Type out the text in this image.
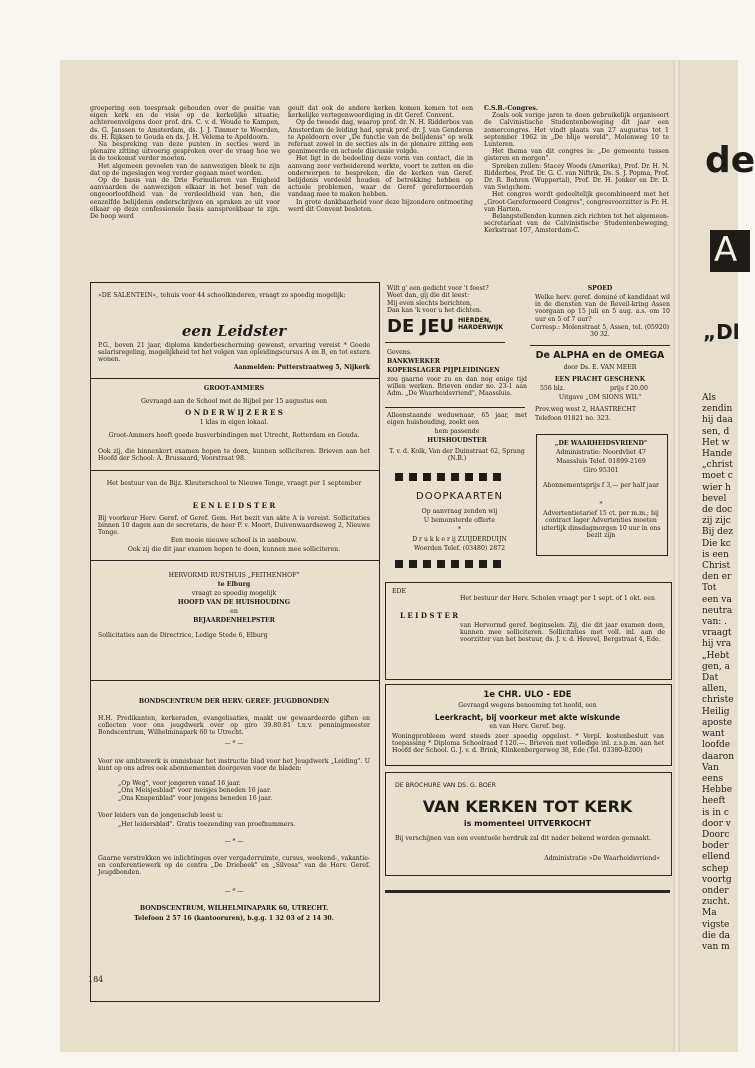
groepering een toespraak gehouden over de positie van eigen kerk en de visie op de kerkelijke situatie; achtereenvolgens door prof. drs. C. v. d. Woude te Kampen, ds. G. Janssen te Amsterdam, ds. J. J. Timmer te Woerden, ds. H. Rijksen te Gouda en ds. J. H. Velema te Apeldoorn.

Na bespreking van deze punten in secties werd in plenaire zitting uitvoerig gesproken over de vraag hoe we in de toekomst verder moeten.

Het algemeen gevoelen van de aanwezigen bleek te zijn dat op de ingeslagen weg verder gegaan moet worden.

Op de basis van de Drie Formulieren van Enigheid aanvaarden de aanwezigen elkaar in het besef van de ongeoorloofdheid van de verdeeldheid van hen, die eenzelfde belijdenis onderschrijven en spraken ze uit voor elkaar op deze confessionele basis aanspreekbaar te zijn. De hoop werd

geuit dat ook de andere kerken komen komen tot een kerkelijke vertegenwoordiging in dit Geref. Convent.

Op de tweede dag, waarop prof. dr. N. H. Ridderbos van Amsterdam de leiding had, sprak prof. dr. J. van Genderen te Apeldoorn over „De functie van de belijdenis" op welk referaat zowel in de secties als in de plenaire zitting een geanimeerde en actuele discussie volgde.

Het ligt in de bedoeling deze vorm van contact, die in aanvang zeer verheiderend werkte, voort te zetten en die onderwerpen te bespreken, die de kerken van Geref. belijdenis verdeeld houden of betrekking hebben op actuele problemen, waar de Geref gereformeerden vandaag mee te maken hebben.

In grote dankbaarheid voor deze bijzondere ontmoeting werd dit Convent besloten.

C.S.B.-Congres.

Zoals ook vorige jaren te doen gebruikelijk organiseert de Calvinistische Studentenbeweging dit jaar een zomercongres. Het vindt plaats van 27 augustus tot 1 september 1962 in „De blije wereld", Molenweg 10 te Lunteren.

Het thema van dit congres is: „De gemeente tussen gisteren en morgen".

Spreken zullen: Stacey Woods (Amerika), Prof. Dr. H. N. Ridderbos, Prof. Dr. G. C. van Niftrik, Ds. S. J. Popma, Prof. Dr. R. Bohren (Wuppertal), Prof. Dr. H. Jonker en Dr. D. van Swigchem.

Het congres wordt gedeeltelijk gecombineerd met het „Groot-Gereformeerd Congres", congresvoorzitter is Fr. H. van Harten.

Belangstellenden kunnen zich richten tot het algemeen-secretariaat van de Calvinistische Studentenbeweging, Kerkstraat 107, Amsterdam-C.

»DE SALENTEIN«, tehuis voor 44 schoolkinderen, vraagt zo spoedig mogelijk:
een Leidster
P.G., boven 21 jaar, diploma kinderbescherming gewenst, ervaring vereist * Goede salarisregeling, mogelijkheid tot het volgen van opleidingscursus A en B, en tot extern wonen.
Aanmelden: Putterstraatweg 5, Nijkerk
GROOT-AMMERS
Gevraagd aan de School met de Bijbel per 15 augustus een
O N D E R W IJ Z E R E S
1 klas in eigen lokaal.
Groot-Ammers heeft goede busverbindingen met Utrecht, Rotterdam en Gouda.
Ook zij, die binnenkort examen hopen te doen, kunnen solliciteren. Brieven aan het Hoofd der School: A. Brussaard, Voorstraat 98.
Het bestuur van de Bijz. Kleuterschool te Nieuwe Tonge, vraagt per 1 september
E E N L E I D S T E R
Bij voorkeur Herv. Geref. of Geref. Gem. Het bezit van akte A is vereist. Sollicitaties binnen 10 dagen aan de secretaris, de heer P. v. Moort, Duivenwaardseweg 2, Nieuwe Tonge.
Een mooie nieuwe school is in aanbouw.
Ook zij die dit jaar examen hopen te doen, kunnen mee solliciteren.
HERVORMD RUSTHUIS „FEITHENHOF"
te Elburg
vraagt zo spoedig mogelijk
HOOFD VAN DE HUISHOUDING
en
BEJAARDENHELPSTER
Sollicitaties aan de Directrice, Ledige Stede 6, Elburg
BONDSCENTRUM DER HERV. GEREF. JEUGDBONDEN
H.H. Predikanten, kerkeraden, evangelisaties, maakt uw gewaardeerde giften en collecten voor ons jeugdwerk over op giro 39.80.81 t.n.v. penningmeester Bondscentrum, Wilhelminapark 60 te Utrecht.
— * —
Voor uw ambtswerk is onmisbaar het instructie blad voor het Jeugdwerk „Leiding". U kunt op ons adres ook abonnementen doorgeven voor de bladen:
„Op Weg", voor jongeren vanaf 16 jaar.
„Ons Meisjesblad" voor meisjes beneden 16 jaar.
„Ons Knapenblad" voor jongens beneden 16 jaar.
Voor leiders van de jongensclub leest u:
„Het leidersblad". Gratis toezending van proefnummers.
— * —
Gaarne verstrekken we inlichtingen over vergaderruimte, cursus, weekend-, vakantie- en conferentiewerk op de centra „De Driebeek" en „Silvosa" van de Herv. Geref. Jeugdbonden.
— * —
BONDSCENTRUM, WILHELMINAPARK 60, UTRECHT.
Telefoon 2 57 16 (kantooruren), b.g.g. 1 32 03 of 2 14 30.
Wilt g' een gedicht voor 't feest?
Weet dan, gij die dit leest:
Mij even slechts berichten,
Dan kan 'k voor u het dichten.
DE JEU HIERDEN,
HARDERWIJK
Gevens.
BANKWERKER
KOPERSLAGER PIJPLEIDINGEN
zou gaarne voor zu en dan nog enige tijd willen werken. Brieven onder no. 23-1 aan Adm. „De Waarheidsvriend", Maassluis.
Alleenstaande weduwnaar, 65 jaar, met eigen huishouding, zoekt een
hem passende
HUISHOUDSTER
T. v. d. Kolk, Van der Duinstraat 62, Sprang (N.B.)
DOOPKAARTEN
Op aanvraag zenden wij
U bemonsterde offerte
*
D r u k k e r ij ZUIJDERDUIJN
Woerden Telef. (03480) 2872
SPOED
Welke herv. geref. dominé of kandidaat wil in de diensten van de Reveil-kring Assen voorgaan op 15 juli en 5 aug. a.s. om 10 uur en 5 of 7 uur?
Corresp.: Molenstraat 5, Assen, tel. (05920) 30 32.
De ALPHA en de OMEGA
door Ds. E. VAN MEER
EEN PRACHT GESCHENK
556 blz.	prijs f 20.00
Uitgave „OM SIONS WIL"
Prov.weg west 2, HAASTRECHT
Telefoon 01821 no. 323.
„DE WAARHEIDSVRIEND"
Administratie: Noordvliet 47
Maassluis Telef. 01899-2169
Giro 95301
Abonnementsprijs f 3,— per half jaar
*
Advertentietarief 15 ct. per m.m.; bij contract lager Advertenties moeten uiterlijk dinsdagmorgen 10 uur in ons bezit zijn
EDE
Het bestuur der Herv. Scholen vraagt per 1 sept. of 1 okt. een
L E I D S T E R
van Hervormd geref. beginselen. Zij, die dit jaar examen doen, kunnen mee solliciteren. Sollicitaties met voll. inl. aan de voorzitter van het bestuur, ds. J. v. d. Heuvel, Bergstraat 4, Ede.
1e CHR. ULO - EDE
Gevraagd wegens benoeming tot hoofd, een
Leerkracht, bij voorkeur met akte wiskunde
en van Herv. Geref. beg.
Woningprobleem werd steeds zeer spoedig opgelost. * Verpl. kostenbesluit van toepassing * Diploma Schoolraad f 120.—. Brieven met volledige inl. z.s.p.m. aan het Hoofd der School. G. J. v. d. Brink, Klinkenbergerweg 38, Ede (Tel. 03380-8200)
DE BROCHURE VAN DS. G. BOER
VAN KERKEN TOT KERK
is momenteel UITVERKOCHT
Bij verschijnen van een eventuele herdruk zal dit nader bekend worden gemaakt.
Administratie »De Waarheidsvriend«
184
de
A
„Dl
Als
zendin
hij daa
sen, d
Het w
Hande
„christ
moet c
wier h
bevel
de doc
zij zijc
Bij dez
Die kc
is een
Christ
den er
Tot
een va
neutra
van: .
vraagt
hij vra
„Hebt
gen, a
Dat
allen,
christe
Heilig
aposte
want
loofde
daaron
Van
eens
Hebbe
heeft
is in c
door v
Doorc
boder
ellend
schep
voortg
onder
zucht.
Ma
vigste
die da
van m
